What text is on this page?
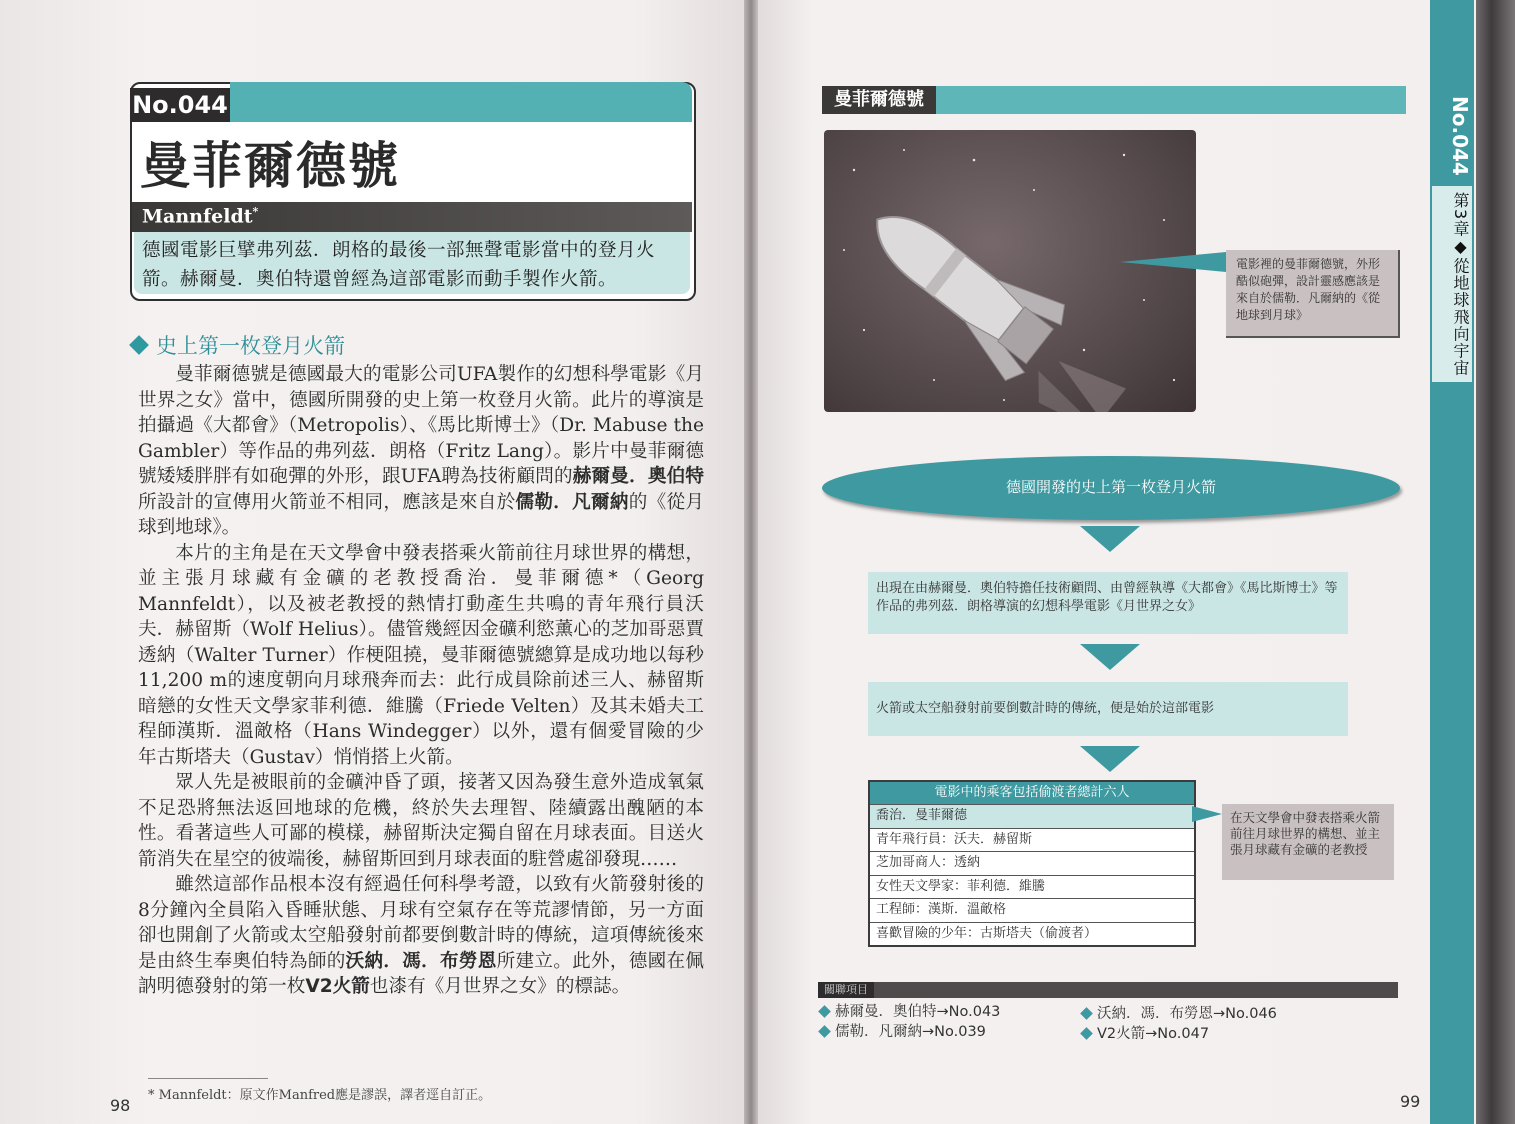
No.044
曼菲爾德號
Mannfeldt*
德國電影巨擘弗列茲．朗格的最後一部無聲電影當中的登月火箭。赫爾曼．奧伯特還曾經為這部電影而動手製作火箭。
史上第一枚登月火箭

曼菲爾德號是德國最大的電影公司UFA製作的幻想科學電影《月世界之女》當中，德國所開發的史上第一枚登月火箭。此片的導演是拍攝過《大都會》（Metropolis）、《馬比斯博士》（Dr. Mabuse the Gambler）等作品的弗列茲．朗格（Fritz Lang）。影片中曼菲爾德號矮矮胖胖有如砲彈的外形，跟UFA聘為技術顧問的赫爾曼．奧伯特所設計的宣傳用火箭並不相同，應該是來自於儒勒．凡爾納的《從月球到地球》。

本片的主角是在天文學會中發表搭乘火箭前往月球世界的構想，並主張月球藏有金礦的老教授喬治．曼菲爾德*（Georg Mannfeldt），以及被老教授的熱情打動產生共鳴的青年飛行員沃夫．赫留斯（Wolf Helius）。儘管幾經因金礦利慾薰心的芝加哥惡賈透納（Walter Turner）作梗阻撓，曼菲爾德號總算是成功地以每秒11,200 m的速度朝向月球飛奔而去：此行成員除前述三人、赫留斯暗戀的女性天文學家菲利德．維騰（Friede Velten）及其未婚夫工程師漢斯．溫敵格（Hans Windegger）以外，還有個愛冒險的少年古斯塔夫（Gustav）悄悄搭上火箭。

眾人先是被眼前的金礦沖昏了頭，接著又因為發生意外造成氧氣不足恐將無法返回地球的危機，終於失去理智、陸續露出醜陋的本性。看著這些人可鄙的模樣，赫留斯決定獨自留在月球表面。目送火箭消失在星空的彼端後，赫留斯回到月球表面的駐營處卻發現……

雖然這部作品根本沒有經過任何科學考證，以致有火箭發射後的8分鐘內全員陷入昏睡狀態、月球有空氣存在等荒謬情節，另一方面卻也開創了火箭或太空船發射前都要倒數計時的傳統，這項傳統後來是由終生奉奧伯特為師的沃納．馮．布勞恩所建立。此外，德國在佩訥明德發射的第一枚V2火箭也漆有《月世界之女》的標誌。

* Mannfeldt：原文作Manfred應是謬誤，譯者逕自訂正。
98
No.044
第3章◆從地球飛向宇宙
曼菲爾德號
電影裡的曼菲爾德號，外形酷似砲彈，設計靈感應該是來自於儒勒．凡爾納的《從地球到月球》
德國開發的史上第一枚登月火箭
出現在由赫爾曼．奧伯特擔任技術顧問、由曾經執導《大都會》《馬比斯博士》等作品的弗列茲．朗格導演的幻想科學電影《月世界之女》
火箭或太空船發射前要倒數計時的傳統，便是始於這部電影
電影中的乘客包括偷渡者總計六人
喬治．曼菲爾德
青年飛行員：沃夫．赫留斯
芝加哥商人：透納
女性天文學家：菲利德．維騰
工程師：漢斯．溫敵格
喜歡冒險的少年：古斯塔夫（偷渡者）
在天文學會中發表搭乘火箭前往月球世界的構想、並主張月球藏有金礦的老教授
關聯項目
赫爾曼．奧伯特→No.043
儒勒．凡爾納→No.039
沃納．馮．布勞恩→No.046
V2火箭→No.047
99
